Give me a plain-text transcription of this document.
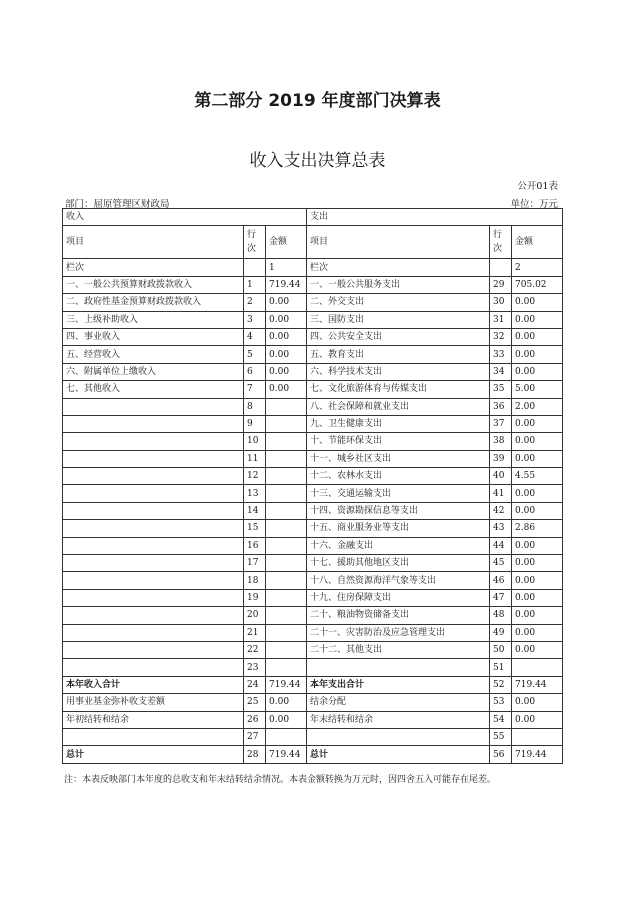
第二部分 2019 年度部门决算表
收入支出决算总表
公开01表
部门：屈原管理区财政局	单位：万元
收入			支出		
项目	行次	金额	项目	行次	金额
栏次		1	栏次		2
一、一般公共预算财政拨款收入	1	719.44	一、一般公共服务支出	29	705.02
二、政府性基金预算财政拨款收入	2	0.00	二、外交支出	30	0.00
三、上级补助收入	3	0.00	三、国防支出	31	0.00
四、事业收入	4	0.00	四、公共安全支出	32	0.00
五、经营收入	5	0.00	五、教育支出	33	0.00
六、附属单位上缴收入	6	0.00	六、科学技术支出	34	0.00
七、其他收入	7	0.00	七、文化旅游体育与传媒支出	35	5.00
	8		八、社会保障和就业支出	36	2.00
	9		九、卫生健康支出	37	0.00
	10		十、节能环保支出	38	0.00
	11		十一、城乡社区支出	39	0.00
	12		十二、农林水支出	40	4.55
	13		十三、交通运输支出	41	0.00
	14		十四、资源勘探信息等支出	42	0.00
	15		十五、商业服务业等支出	43	2.86
	16		十六、金融支出	44	0.00
	17		十七、援助其他地区支出	45	0.00
	18		十八、自然资源海洋气象等支出	46	0.00
	19		十九、住房保障支出	47	0.00
	20		二十、粮油物资储备支出	48	0.00
	21		二十一、灾害防治及应急管理支出	49	0.00
	22		二十二、其他支出	50	0.00
	23			51	
本年收入合计	24	719.44	本年支出合计	52	719.44
用事业基金弥补收支差额	25	0.00	结余分配	53	0.00
年初结转和结余	26	0.00	年末结转和结余	54	0.00
	27			55	
总计	28	719.44	总计	56	719.44
注：本表反映部门本年度的总收支和年末结转结余情况。本表金额转换为万元时，因四舍五入可能存在尾差。
